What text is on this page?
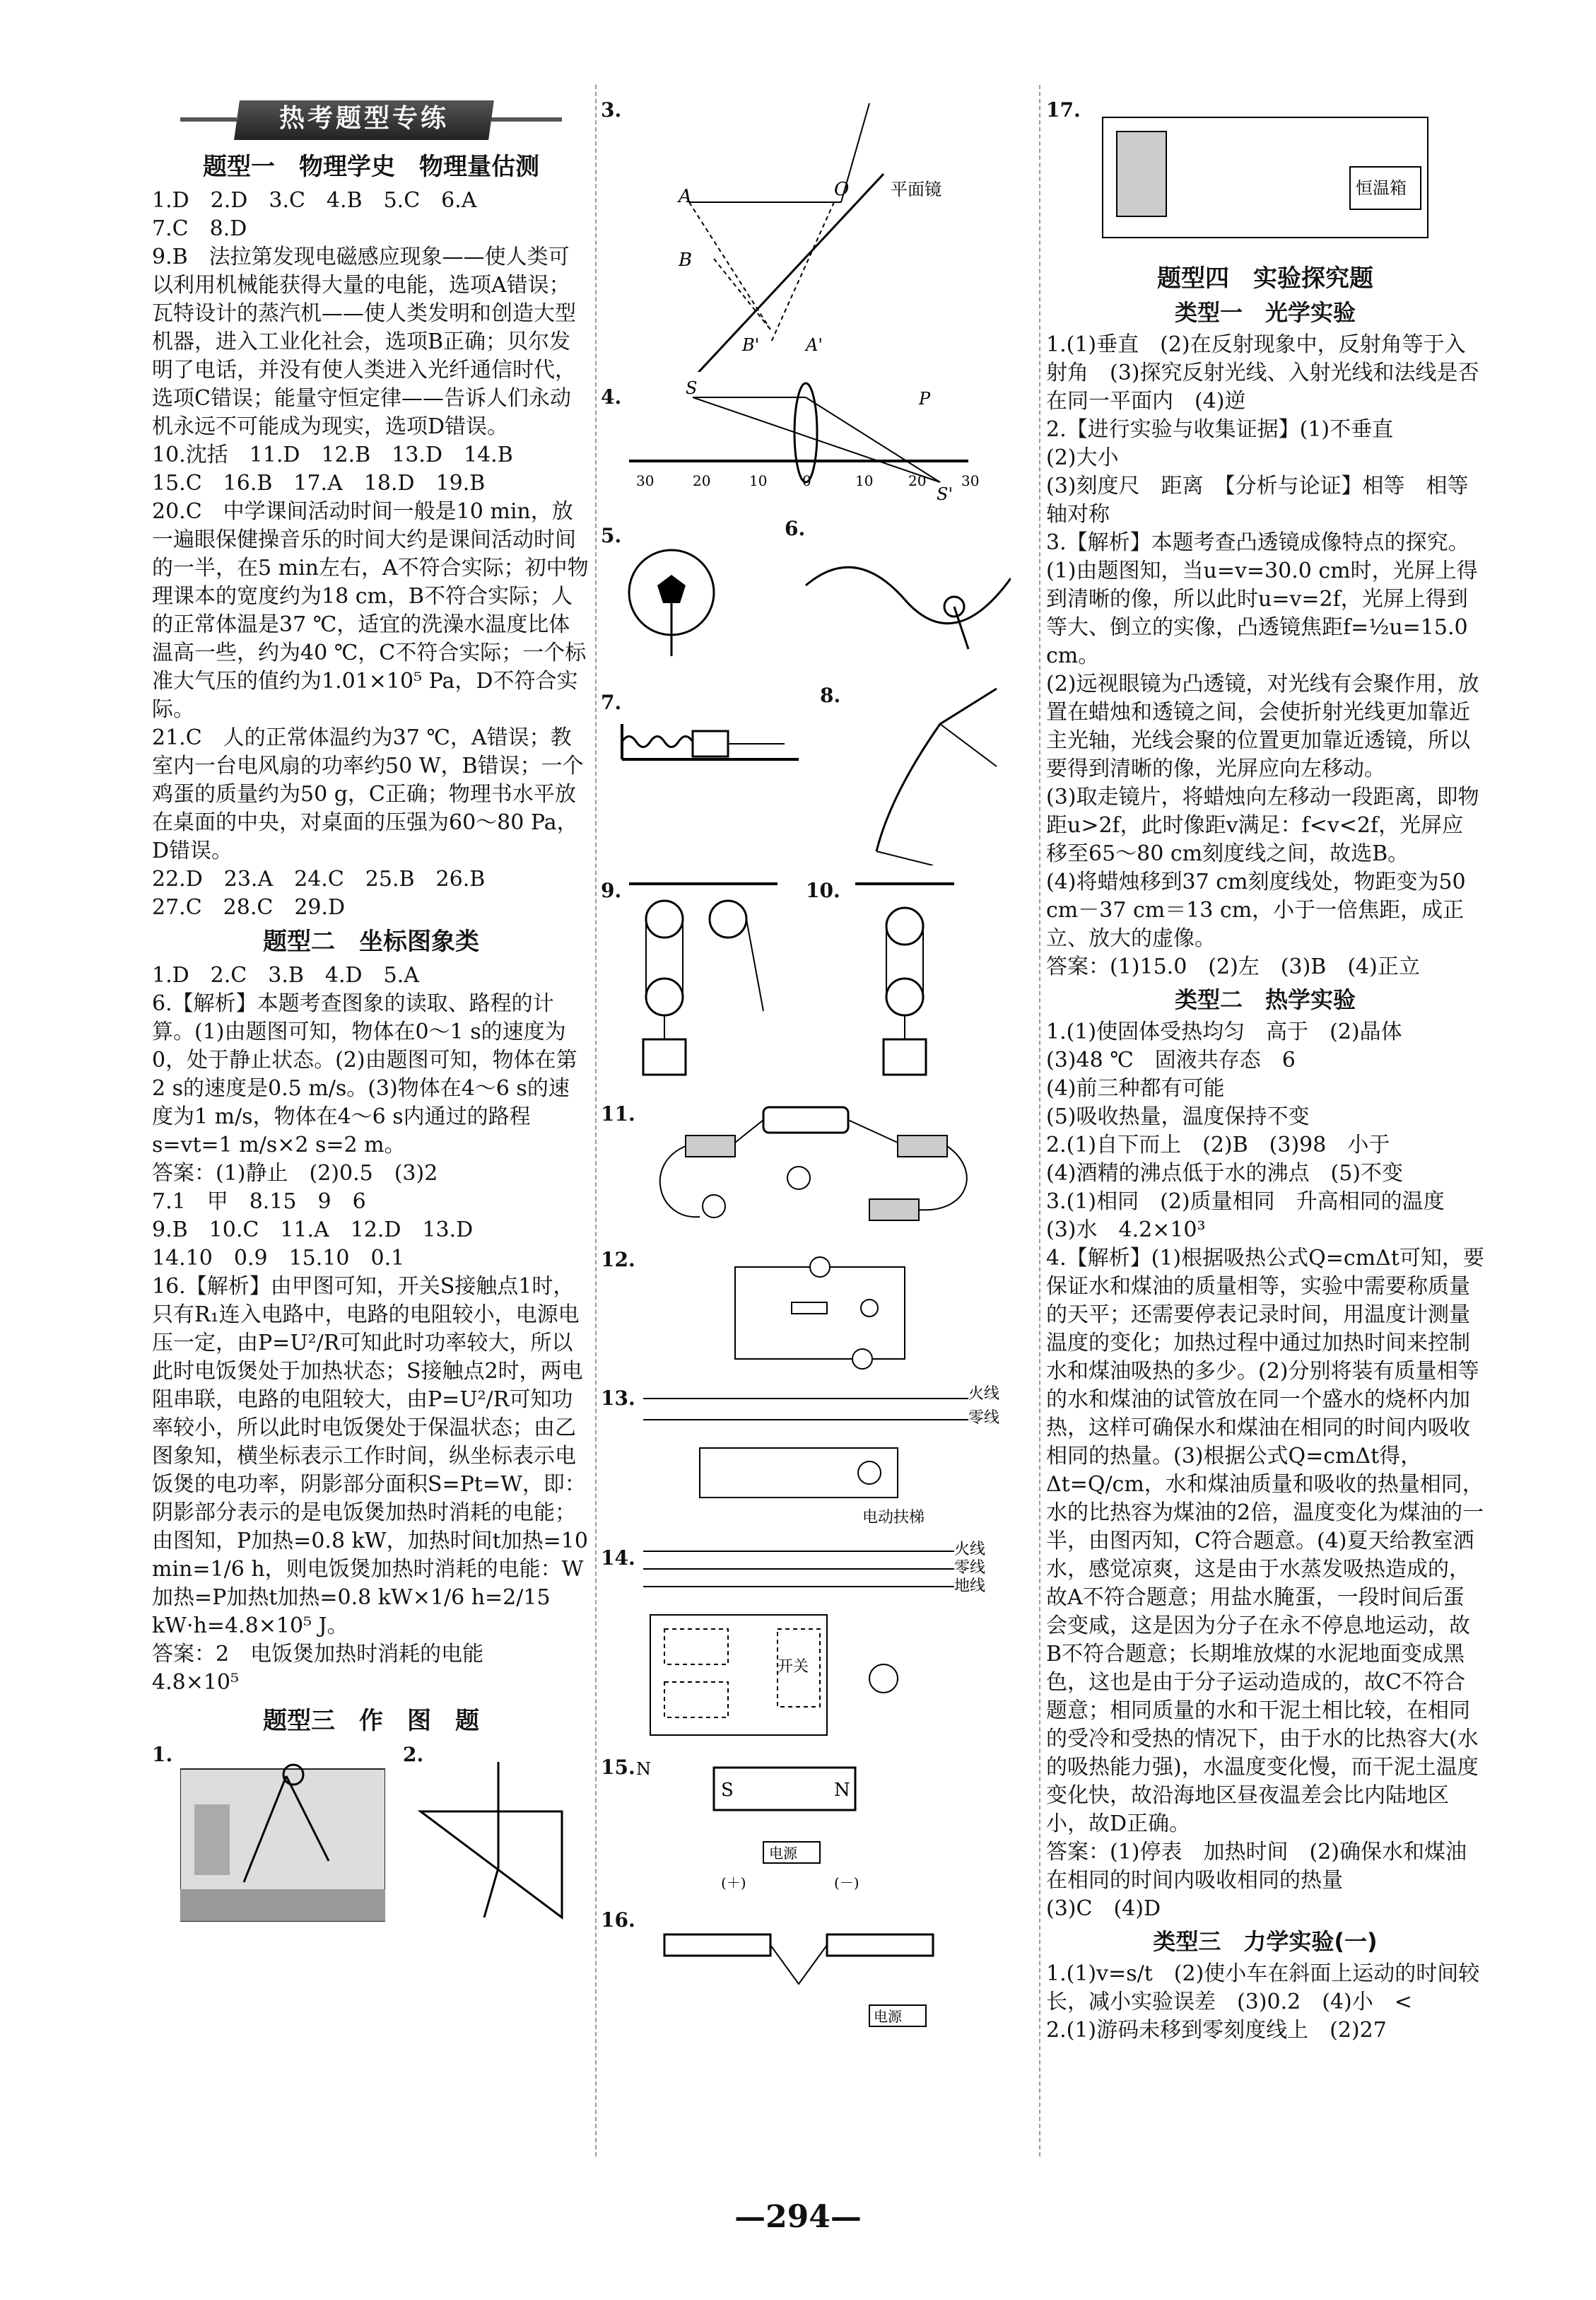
热考题型专练
题型一　物理学史　物理量估测

1.D　2.D　3.C　4.B　5.C　6.A

7.C　8.D

9.B　法拉第发现电磁感应现象——使人类可以利用机械能获得大量的电能，选项A错误；瓦特设计的蒸汽机——使人类发明和创造大型机器，进入工业化社会，选项B正确；贝尔发明了电话，并没有使人类进入光纤通信时代，选项C错误；能量守恒定律——告诉人们永动机永远不可能成为现实，选项D错误。

10.沈括　11.D　12.B　13.D　14.B

15.C　16.B　17.A　18.D　19.B

20.C　中学课间活动时间一般是10 min，放一遍眼保健操音乐的时间大约是课间活动时间的一半，在5 min左右，A不符合实际；初中物理课本的宽度约为18 cm，B不符合实际；人的正常体温是37 ℃，适宜的洗澡水温度比体温高一些，约为40 ℃，C不符合实际；一个标准大气压的值约为1.01×10⁵ Pa，D不符合实际。

21.C　人的正常体温约为37 ℃，A错误；教室内一台电风扇的功率约50 W，B错误；一个鸡蛋的质量约为50 g，C正确；物理书水平放在桌面的中央，对桌面的压强为60～80 Pa，D错误。

22.D　23.A　24.C　25.B　26.B

27.C　28.C　29.D

题型二　坐标图象类

1.D　2.C　3.B　4.D　5.A

6.【解析】本题考查图象的读取、路程的计算。(1)由题图可知，物体在0～1 s的速度为0，处于静止状态。(2)由题图可知，物体在第2 s的速度是0.5 m/s。(3)物体在4～6 s的速度为1 m/s，物体在4～6 s内通过的路程s=vt=1 m/s×2 s=2 m。

答案：(1)静止　(2)0.5　(3)2

7.1　甲　8.15　9　6

9.B　10.C　11.A　12.D　13.D

14.10　0.9　15.10　0.1

16.【解析】由甲图可知，开关S接触点1时，只有R₁连入电路中，电路的电阻较小，电源电压一定，由P=U²/R可知此时功率较大，所以此时电饭煲处于加热状态；S接触点2时，两电阻串联，电路的电阻较大，由P=U²/R可知功率较小，所以此时电饭煲处于保温状态；由乙图象知，横坐标表示工作时间，纵坐标表示电饭煲的电功率，阴影部分面积S=Pt=W，即：阴影部分表示的是电饭煲加热时消耗的电能；由图知，P加热=0.8 kW，加热时间t加热=10 min=1/6 h，则电饭煲加热时消耗的电能：W加热=P加热t加热=0.8 kW×1/6 h=2/15 kW·h=4.8×10⁵ J。

答案：2　电饭煲加热时消耗的电能　4.8×10⁵

题型三　作　图　题
1.	2.
3.
A
B
O
B'	A'
平面镜
4.	S
P
S'
30	20	10 0	10 20 30
5.	6.
7.	8.
9.	10.
11.
12.
13.	火线
零线
电动扶梯
14.	火线
零线
地线
开关
15.
S	N
N
电源
(＋)	(－)
16.
电源
17.
恒温箱
题型四　实验探究题
类型一　光学实验

1.(1)垂直　(2)在反射现象中，反射角等于入射角　(3)探究反射光线、入射光线和法线是否在同一平面内　(4)逆

2.【进行实验与收集证据】(1)不垂直

(2)大小

(3)刻度尺　距离　【分析与论证】相等　相等　轴对称

3.【解析】本题考查凸透镜成像特点的探究。(1)由题图知，当u=v=30.0 cm时，光屏上得到清晰的像，所以此时u=v=2f，光屏上得到等大、倒立的实像，凸透镜焦距f=½u=15.0 cm。

(2)远视眼镜为凸透镜，对光线有会聚作用，放置在蜡烛和透镜之间，会使折射光线更加靠近主光轴，光线会聚的位置更加靠近透镜，所以要得到清晰的像，光屏应向左移动。

(3)取走镜片，将蜡烛向左移动一段距离，即物距u>2f，此时像距v满足：f<v<2f，光屏应移至65～80 cm刻度线之间，故选B。

(4)将蜡烛移到37 cm刻度线处，物距变为50 cm－37 cm＝13 cm，小于一倍焦距，成正立、放大的虚像。

答案：(1)15.0　(2)左　(3)B　(4)正立

类型二　热学实验

1.(1)使固体受热均匀　高于　(2)晶体

(3)48 ℃　固液共存态　6

(4)前三种都有可能

(5)吸收热量，温度保持不变

2.(1)自下而上　(2)B　(3)98　小于

(4)酒精的沸点低于水的沸点　(5)不变

3.(1)相同　(2)质量相同　升高相同的温度

(3)水　4.2×10³

4.【解析】(1)根据吸热公式Q=cmΔt可知，要保证水和煤油的质量相等，实验中需要称质量的天平；还需要停表记录时间，用温度计测量温度的变化；加热过程中通过加热时间来控制水和煤油吸热的多少。(2)分别将装有质量相等的水和煤油的试管放在同一个盛水的烧杯内加热，这样可确保水和煤油在相同的时间内吸收相同的热量。(3)根据公式Q=cmΔt得，Δt=Q/cm，水和煤油质量和吸收的热量相同，水的比热容为煤油的2倍，温度变化为煤油的一半，由图丙知，C符合题意。(4)夏天给教室洒水，感觉凉爽，这是由于水蒸发吸热造成的，故A不符合题意；用盐水腌蛋，一段时间后蛋会变咸，这是因为分子在永不停息地运动，故B不符合题意；长期堆放煤的水泥地面变成黑色，这也是由于分子运动造成的，故C不符合题意；相同质量的水和干泥土相比较，在相同的受冷和受热的情况下，由于水的比热容大(水的吸热能力强)，水温度变化慢，而干泥土温度变化快，故沿海地区昼夜温差会比内陆地区小，故D正确。

答案：(1)停表　加热时间　(2)确保水和煤油在相同的时间内吸收相同的热量

(3)C　(4)D

类型三　力学实验(一)

1.(1)v=s/t　(2)使小车在斜面上运动的时间较长，减小实验误差　(3)0.2　(4)小　<

2.(1)游码未移到零刻度线上　(2)27

—294—
